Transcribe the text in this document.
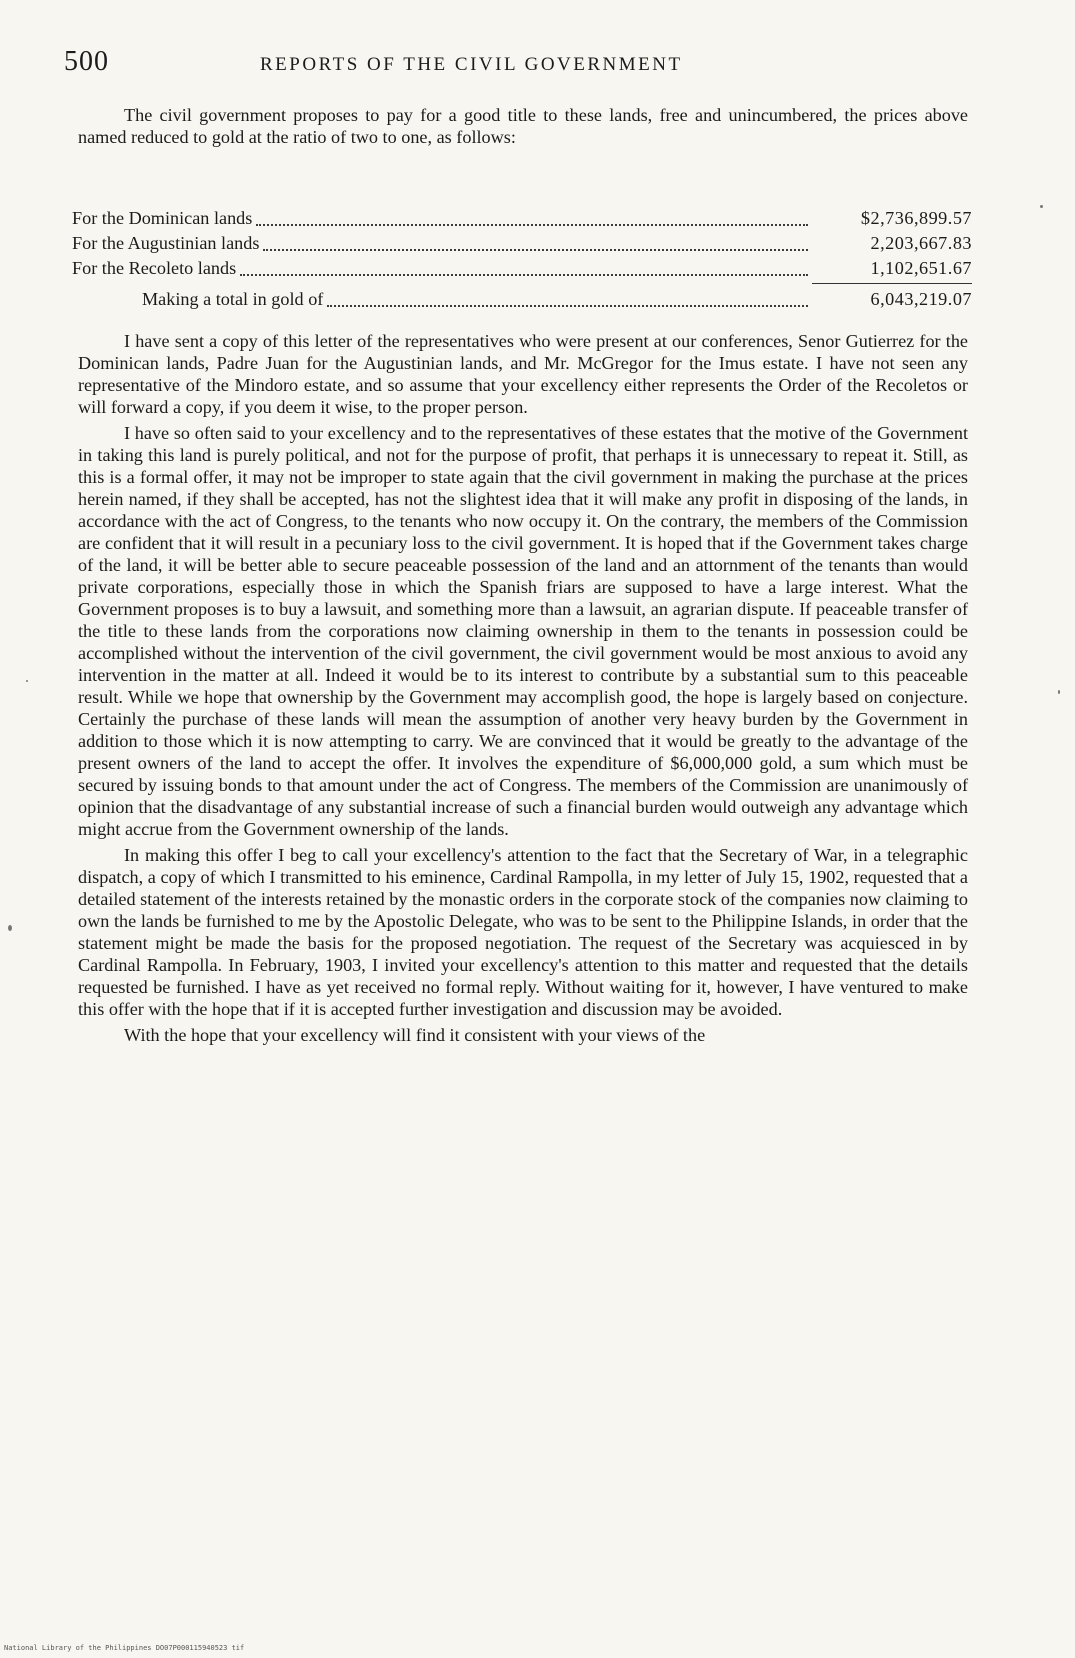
500	REPORTS OF THE CIVIL GOVERNMENT

The civil government proposes to pay for a good title to these lands, free and unincumbered, the prices above named reduced to gold at the ratio of two to one, as follows:

For the Dominican lands	$2,736,899.57
For the Augustinian lands	2,203,667.83
For the Recoleto lands	1,102,651.67
Making a total in gold of	6,043,219.07

I have sent a copy of this letter of the representatives who were present at our conferences, Senor Gutierrez for the Dominican lands, Padre Juan for the Augustinian lands, and Mr. McGregor for the Imus estate. I have not seen any representative of the Mindoro estate, and so assume that your excellency either represents the Order of the Recoletos or will forward a copy, if you deem it wise, to the proper person.

I have so often said to your excellency and to the representatives of these estates that the motive of the Government in taking this land is purely political, and not for the purpose of profit, that perhaps it is unnecessary to repeat it. Still, as this is a formal offer, it may not be improper to state again that the civil government in making the purchase at the prices herein named, if they shall be accepted, has not the slightest idea that it will make any profit in disposing of the lands, in accordance with the act of Congress, to the tenants who now occupy it. On the contrary, the members of the Commission are confident that it will result in a pecuniary loss to the civil government. It is hoped that if the Government takes charge of the land, it will be better able to secure peaceable possession of the land and an attornment of the tenants than would private corporations, especially those in which the Spanish friars are supposed to have a large interest. What the Government proposes is to buy a lawsuit, and something more than a lawsuit, an agrarian dispute. If peaceable transfer of the title to these lands from the corporations now claiming ownership in them to the tenants in possession could be accomplished without the intervention of the civil government, the civil government would be most anxious to avoid any intervention in the matter at all. Indeed it would be to its interest to contribute by a substantial sum to this peaceable result. While we hope that ownership by the Government may accomplish good, the hope is largely based on conjecture. Certainly the purchase of these lands will mean the assumption of another very heavy burden by the Government in addition to those which it is now attempting to carry. We are convinced that it would be greatly to the advantage of the present owners of the land to accept the offer. It involves the expenditure of $6,000,000 gold, a sum which must be secured by issuing bonds to that amount under the act of Congress. The members of the Commission are unanimously of opinion that the disadvantage of any substantial increase of such a financial burden would outweigh any advantage which might accrue from the Government ownership of the lands.

In making this offer I beg to call your excellency's attention to the fact that the Secretary of War, in a telegraphic dispatch, a copy of which I transmitted to his eminence, Cardinal Rampolla, in my letter of July 15, 1902, requested that a detailed statement of the interests retained by the monastic orders in the corporate stock of the companies now claiming to own the lands be furnished to me by the Apostolic Delegate, who was to be sent to the Philippine Islands, in order that the statement might be made the basis for the proposed negotiation. The request of the Secretary was acquiesced in by Cardinal Rampolla. In February, 1903, I invited your excellency's attention to this matter and requested that the details requested be furnished. I have as yet received no formal reply. Without waiting for it, however, I have ventured to make this offer with the hope that if it is accepted further investigation and discussion may be avoided.

With the hope that your excellency will find it consistent with your views of the

National Library of the Philippines DO07P000115940523 tif
